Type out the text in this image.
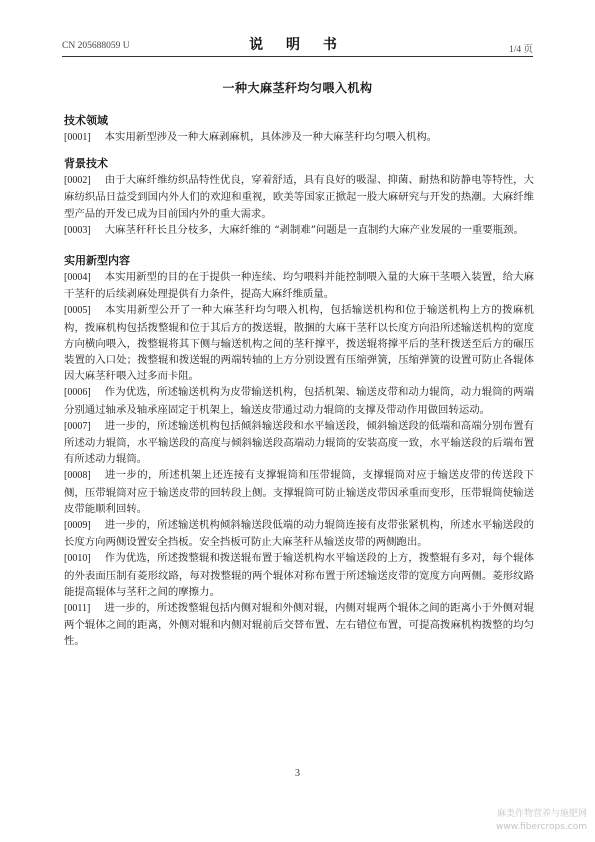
CN 205688059 U	说 明 书	1/4 页
一种大麻茎秆均匀喂入机构
技术领域

[0001] 本实用新型涉及一种大麻剥麻机，具体涉及一种大麻茎秆均匀喂入机构。

背景技术

[0002] 由于大麻纤维纺织品特性优良，穿着舒适，具有良好的吸湿、抑菌、耐热和防静电等特性，大麻纺织品日益受到国内外人们的欢迎和重视，欧美等国家正掀起一股大麻研究与开发的热潮。大麻纤维型产品的开发已成为目前国内外的重大需求。

[0003] 大麻茎秆秆长且分枝多，大麻纤维的 “剥制难”问题是一直制约大麻产业发展的一重要瓶颈。

实用新型内容

[0004] 本实用新型的目的在于提供一种连续、均匀喂料并能控制喂入量的大麻干茎喂入装置，给大麻干茎秆的后续剥麻处理提供有力条件，提高大麻纤维质量。

[0005] 本实用新型公开了一种大麻茎秆均匀喂入机构，包括输送机构和位于输送机构上方的拨麻机构，拨麻机构包括拨整辊和位于其后方的拨送辊，散捆的大麻干茎秆以长度方向沿所述输送机构的宽度方向横向喂入，拨整辊将其下侧与输送机构之间的茎秆撑平，拨送辊将撑平后的茎秆拨送至后方的碾压装置的入口处；拨整辊和拨送辊的两端转轴的上方分别设置有压缩弹簧，压缩弹簧的设置可防止各辊体因大麻茎秆喂入过多而卡阻。

[0006] 作为优选，所述输送机构为皮带输送机构，包括机架、输送皮带和动力辊筒，动力辊筒的两端分别通过轴承及轴承座固定于机架上，输送皮带通过动力辊筒的支撑及带动作用做回转运动。

[0007] 进一步的，所述输送机构包括倾斜输送段和水平输送段，倾斜输送段的低端和高端分别布置有所述动力辊筒，水平输送段的高度与倾斜输送段高端动力辊筒的安装高度一致，水平输送段的后端布置有所述动力辊筒。

[0008] 进一步的，所述机架上还连接有支撑辊筒和压带辊筒，支撑辊筒对应于输送皮带的传送段下侧，压带辊筒对应于输送皮带的回转段上侧。支撑辊筒可防止输送皮带因承重而变形，压带辊筒使输送皮带能顺利回转。

[0009] 进一步的，所述输送机构倾斜输送段低端的动力辊筒连接有皮带张紧机构，所述水平输送段的长度方向两侧设置安全挡板。安全挡板可防止大麻茎秆从输送皮带的两侧跑出。

[0010] 作为优选，所述拨整辊和拨送辊布置于输送机构水平输送段的上方，拨整辊有多对，每个辊体的外表面压制有菱形纹路，每对拨整辊的两个辊体对称布置于所述输送皮带的宽度方向两侧。菱形纹路能提高辊体与茎秆之间的摩擦力。

[0011] 进一步的，所述拨整辊包括内侧对辊和外侧对辊，内侧对辊两个辊体之间的距离小于外侧对辊两个辊体之间的距离，外侧对辊和内侧对辊前后交替布置、左右错位布置，可提高拨麻机构拨整的均匀性。

3
麻类作物营养与施肥网
www.fibercrops.com
